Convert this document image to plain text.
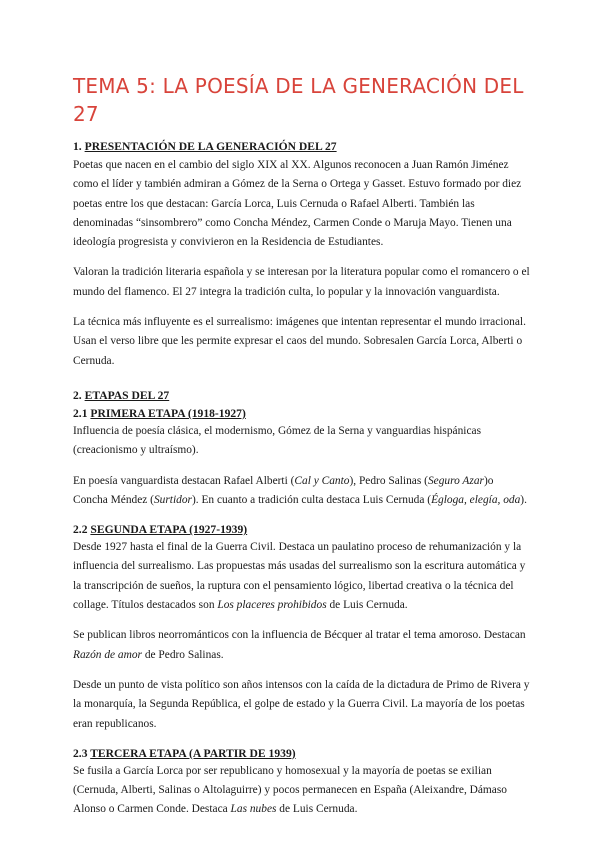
TEMA 5: LA POESÍA DE LA GENERACIÓN DEL 27
1. PRESENTACIÓN DE LA GENERACIÓN DEL 27

Poetas que nacen en el cambio del siglo XIX al XX. Algunos reconocen a Juan Ramón Jiménez como el líder y también admiran a Gómez de la Serna o Ortega y Gasset. Estuvo formado por diez poetas entre los que destacan: García Lorca, Luis Cernuda o Rafael Alberti. También las denominadas “sinsombrero” como Concha Méndez, Carmen Conde o Maruja Mayo. Tienen una ideología progresista y convivieron en la Residencia de Estudiantes.

Valoran la tradición literaria española y se interesan por la literatura popular como el romancero o el mundo del flamenco. El 27 integra la tradición culta, lo popular y la innovación vanguardista.

La técnica más influyente es el surrealismo: imágenes que intentan representar el mundo irracional. Usan el verso libre que les permite expresar el caos del mundo. Sobresalen García Lorca, Alberti o Cernuda.

2. ETAPAS DEL 27
2.1 PRIMERA ETAPA (1918-1927)

Influencia de poesía clásica, el modernismo, Gómez de la Serna y vanguardias hispánicas (creacionismo y ultraísmo).

En poesía vanguardista destacan Rafael Alberti (Cal y Canto), Pedro Salinas (Seguro Azar)o Concha Méndez (Surtidor). En cuanto a tradición culta destaca Luis Cernuda (Égloga, elegía, oda).

2.2 SEGUNDA ETAPA (1927-1939)

Desde 1927 hasta el final de la Guerra Civil. Destaca un paulatino proceso de rehumanización y la influencia del surrealismo. Las propuestas más usadas del surrealismo son la escritura automática y la transcripción de sueños, la ruptura con el pensamiento lógico, libertad creativa o la técnica del collage. Títulos destacados son Los placeres prohibidos de Luis Cernuda.

Se publican libros neorrománticos con la influencia de Bécquer al tratar el tema amoroso. Destacan Razón de amor de Pedro Salinas.

Desde un punto de vista político son años intensos con la caída de la dictadura de Primo de Rivera y la monarquía, la Segunda República, el golpe de estado y la Guerra Civil. La mayoría de los poetas eran republicanos.

2.3 TERCERA ETAPA (A PARTIR DE 1939)

Se fusila a García Lorca por ser republicano y homosexual y la mayoría de poetas se exilian (Cernuda, Alberti, Salinas o Altolaguirre) y pocos permanecen en España (Aleixandre, Dámaso Alonso o Carmen Conde. Destaca Las nubes de Luis Cernuda.
